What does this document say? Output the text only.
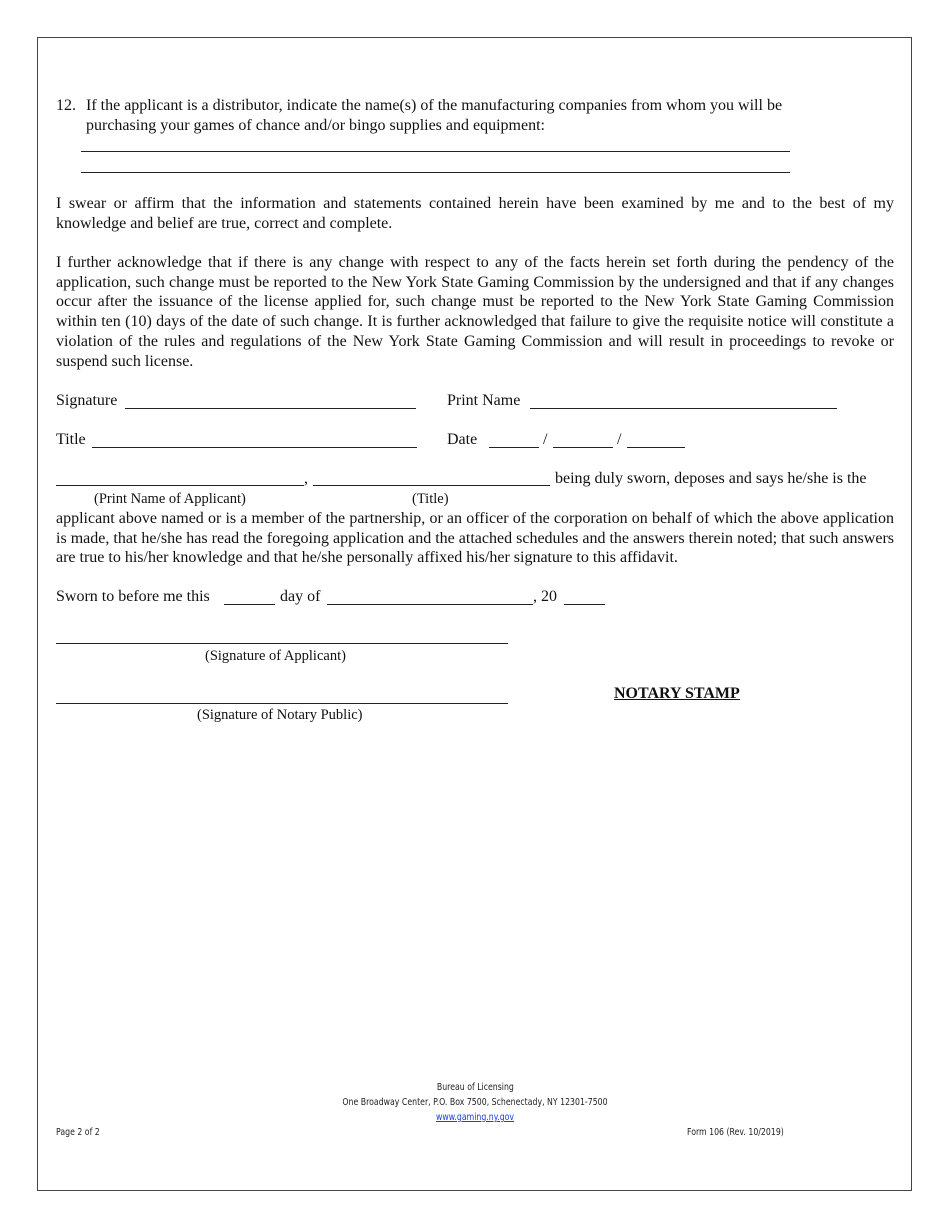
12. If the applicant is a distributor, indicate the name(s) of the manufacturing companies from whom you will be
purchasing your games of chance and/or bingo supplies and equipment:
I swear or affirm that the information and statements contained herein have been examined by me and to the best of my knowledge and belief are true, correct and complete.
I further acknowledge that if there is any change with respect to any of the facts herein set forth during the pendency of the application, such change must be reported to the New York State Gaming Commission by the undersigned and that if any changes occur after the issuance of the license applied for, such change must be reported to the New York State Gaming Commission within ten (10) days of the date of such change. It is further acknowledged that failure to give the requisite notice will constitute a violation of the rules and regulations of the New York State Gaming Commission and will result in proceedings to revoke or suspend such license.
Signature	Print Name
Title	Date	/	/
,	being duly sworn, deposes and says he/she is the
(Print Name of Applicant)	(Title)
applicant above named or is a member of the partnership, or an officer of the corporation on behalf of which the above application is made, that he/she has read the foregoing application and the attached schedules and the answers therein noted; that such answers are true to his/her knowledge and that he/she personally affixed his/her signature to this affidavit.
Sworn to before me this	day of	, 20
(Signature of Applicant)
(Signature of Notary Public)
NOTARY STAMP
Bureau of Licensing
One Broadway Center, P.O. Box 7500, Schenectady, NY 12301-7500
www.gaming.ny.gov
Page 2 of 2	Form 106 (Rev. 10/2019)
